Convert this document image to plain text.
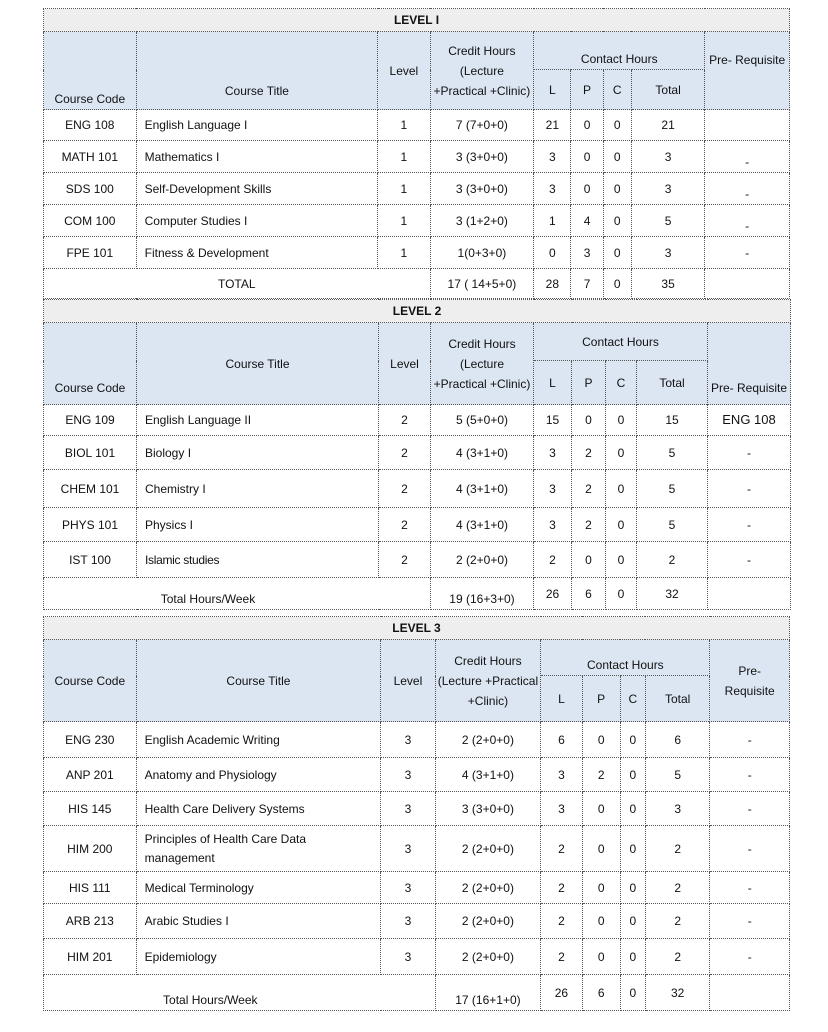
LEVEL I								
Course Code	Course Title	Level	Credit Hours (Lecture +Practical +Clinic)	Contact Hours				Pre- Requisite
				L	P	C	Total	
ENG 108	English Language I	1	7 (7+0+0)	21	0	0	21	
MATH 101	Mathematics I	1	3 (3+0+0)	3	0	0	3	-
SDS 100	Self-Development Skills	1	3 (3+0+0)	3	0	0	3	-
COM 100	Computer Studies I	1	3 (1+2+0)	1	4	0	5	-
FPE 101	Fitness & Development	1	1(0+3+0)	0	3	0	3	-
TOTAL			17 ( 14+5+0)	28	7	0	35	
LEVEL 2								
Course Code	Course Title	Level	Credit Hours (Lecture +Practical +Clinic)	Contact Hours				Pre- Requisite
				L	P	C	Total	
ENG 109	English Language II	2	5 (5+0+0)	15	0	0	15	ENG 108
BIOL 101	Biology I	2	4 (3+1+0)	3	2	0	5	-
CHEM 101	Chemistry I	2	4 (3+1+0)	3	2	0	5	-
PHYS 101	Physics I	2	4 (3+1+0)	3	2	0	5	-
IST 100	Islamic studies	2	2 (2+0+0)	2	0	0	2	-
Total Hours/Week			19 (16+3+0)	26	6	0	32	
LEVEL 3								
Course Code	Course Title	Level	Credit Hours (Lecture +Practical +Clinic)	Contact Hours				Pre- Requisite
				L	P	C	Total	
ENG 230	English Academic Writing	3	2 (2+0+0)	6	0	0	6	-
ANP 201	Anatomy and Physiology	3	4 (3+1+0)	3	2	0	5	-
HIS 145	Health Care Delivery Systems	3	3 (3+0+0)	3	0	0	3	-
HIM 200	Principles of Health Care Data management	3	2 (2+0+0)	2	0	0	2	-
HIS 111	Medical Terminology	3	2 (2+0+0)	2	0	0	2	-
ARB 213	Arabic Studies I	3	2 (2+0+0)	2	0	0	2	-
HIM 201	Epidemiology	3	2 (2+0+0)	2	0	0	2	-
Total Hours/Week			17 (16+1+0)	26	6	0	32	
